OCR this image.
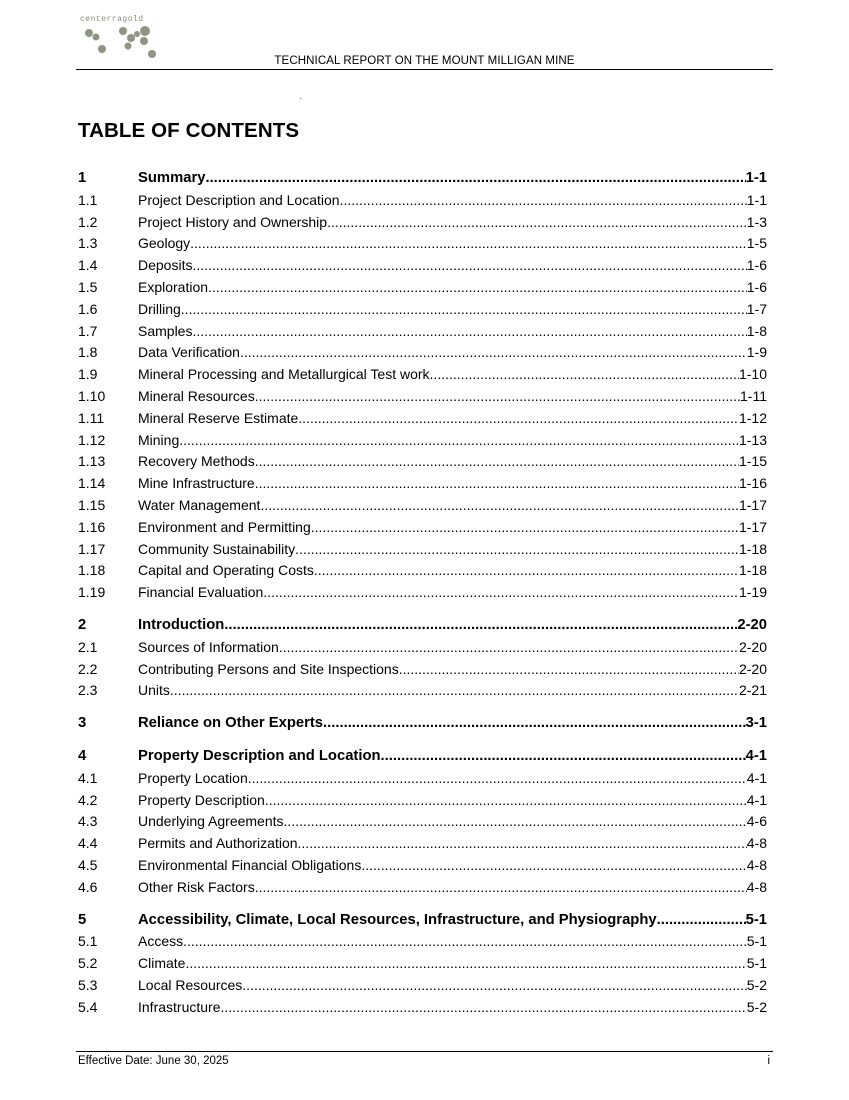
centerragold
TECHNICAL REPORT ON THE MOUNT MILLIGAN MINE
TABLE OF CONTENTS
1	Summary .....	1-1
1.1	Project Description and Location .....	1-1
1.2	Project History and Ownership .....	1-3
1.3	Geology .....	1-5
1.4	Deposits .....	1-6
1.5	Exploration .....	1-6
1.6	Drilling .....	1-7
1.7	Samples .....	1-8
1.8	Data Verification .....	1-9
1.9	Mineral Processing and Metallurgical Test work .....	1-10
1.10	Mineral Resources .....	1-11
1.11	Mineral Reserve Estimate .....	1-12
1.12	Mining .....	1-13
1.13	Recovery Methods .....	1-15
1.14	Mine Infrastructure .....	1-16
1.15	Water Management .....	1-17
1.16	Environment and Permitting .....	1-17
1.17	Community Sustainability .....	1-18
1.18	Capital and Operating Costs .....	1-18
1.19	Financial Evaluation .....	1-19
2	Introduction .....	2-20
2.1	Sources of Information .....	2-20
2.2	Contributing Persons and Site Inspections .....	2-20
2.3	Units .....	2-21
3	Reliance on Other Experts .....	3-1
4	Property Description and Location .....	4-1
4.1	Property Location .....	4-1
4.2	Property Description .....	4-1
4.3	Underlying Agreements .....	4-6
4.4	Permits and Authorization .....	4-8
4.5	Environmental Financial Obligations .....	4-8
4.6	Other Risk Factors .....	4-8
5	Accessibility, Climate, Local Resources, Infrastructure, and Physiography .....	5-1
5.1	Access .....	5-1
5.2	Climate .....	5-1
5.3	Local Resources .....	5-2
5.4	Infrastructure .....	5-2
Effective Date: June 30, 2025	i
